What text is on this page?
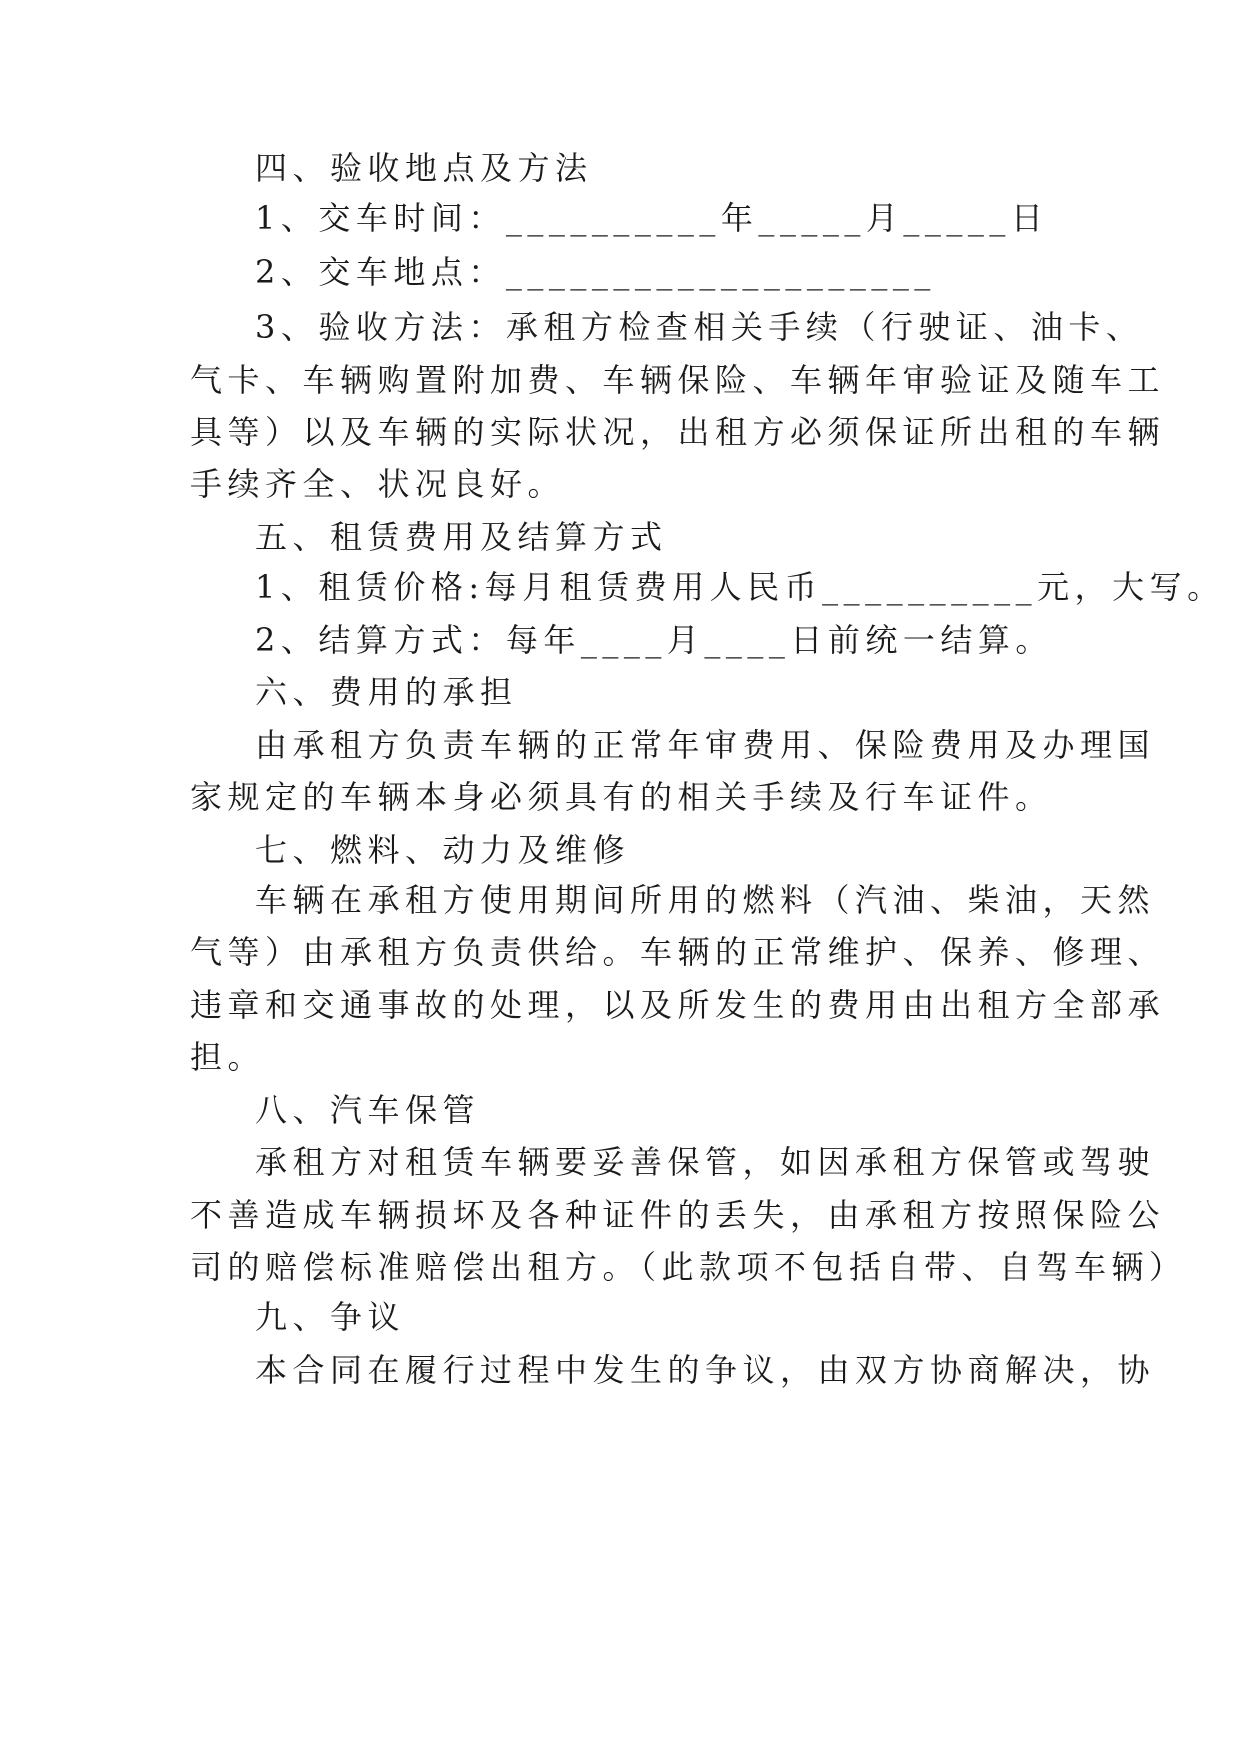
四、验收地点及方法
1、交车时间：__________年_____月_____日
2、交车地点：____________________
3、验收方法：承租方检查相关手续（行驶证、油卡、
气卡、车辆购置附加费、车辆保险、车辆年审验证及随车工
具等）以及车辆的实际状况，出租方必须保证所出租的车辆
手续齐全、状况良好。
五、租赁费用及结算方式
1、租赁价格:每月租赁费用人民币__________元，大写。
2、结算方式：每年____月____日前统一结算。
六、费用的承担
由承租方负责车辆的正常年审费用、保险费用及办理国
家规定的车辆本身必须具有的相关手续及行车证件。
七、燃料、动力及维修
车辆在承租方使用期间所用的燃料（汽油、柴油，天然
气等）由承租方负责供给。车辆的正常维护、保养、修理、
违章和交通事故的处理，以及所发生的费用由出租方全部承
担。
八、汽车保管
承租方对租赁车辆要妥善保管，如因承租方保管或驾驶
不善造成车辆损坏及各种证件的丢失，由承租方按照保险公
司的赔偿标准赔偿出租方。（此款项不包括自带、自驾车辆）
九、争议
本合同在履行过程中发生的争议，由双方协商解决，协
